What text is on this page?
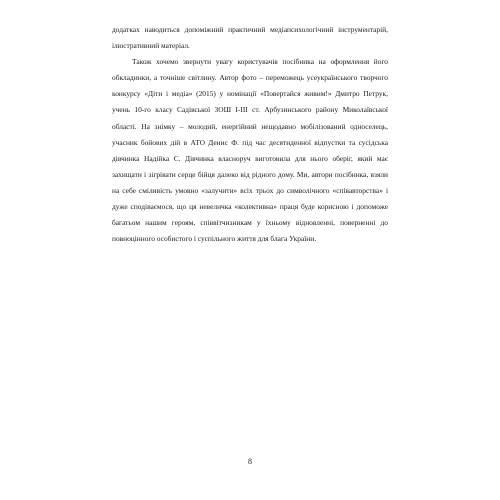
додатках наводиться допоміжний практичний медіапсихологічний інструментарій, ілюстративний матеріал.

Також хочемо звернути увагу користувачів посібника на оформлення його обкладинки, а точніше світлину. Автор фото – переможець усеукраїнського творчого конкурсу «Діти і медіа» (2015) у номінації «Повертайся живим!» Дмитро Петрук, учень 10-го класу Садівської ЗОШ І-ІІІ ст. Арбузинського району Миколаївської області. На знімку – молодий, енергійний нещодавно мобілізований односелець, учасник бойових дій в АТО Денис Ф. під час десятиденної відпустки та сусідська дівчинка Надійка С. Дівчинка власноруч виготовила для нього оберіг, який має захищати і зігрівати серце бійця далеко від рідного дому. Ми, автори посібника, взяли на себе сміливість умовно «залучити» всіх трьох до символічного «співавторства» і дуже сподіваємося, що ця невеличка «колективна» праця буде корисною і допоможе багатьом нашим героям, співвітчизникам у їхньому відновленні, поверненні до повноцінного особистого і суспільного життя для блага України.

8
